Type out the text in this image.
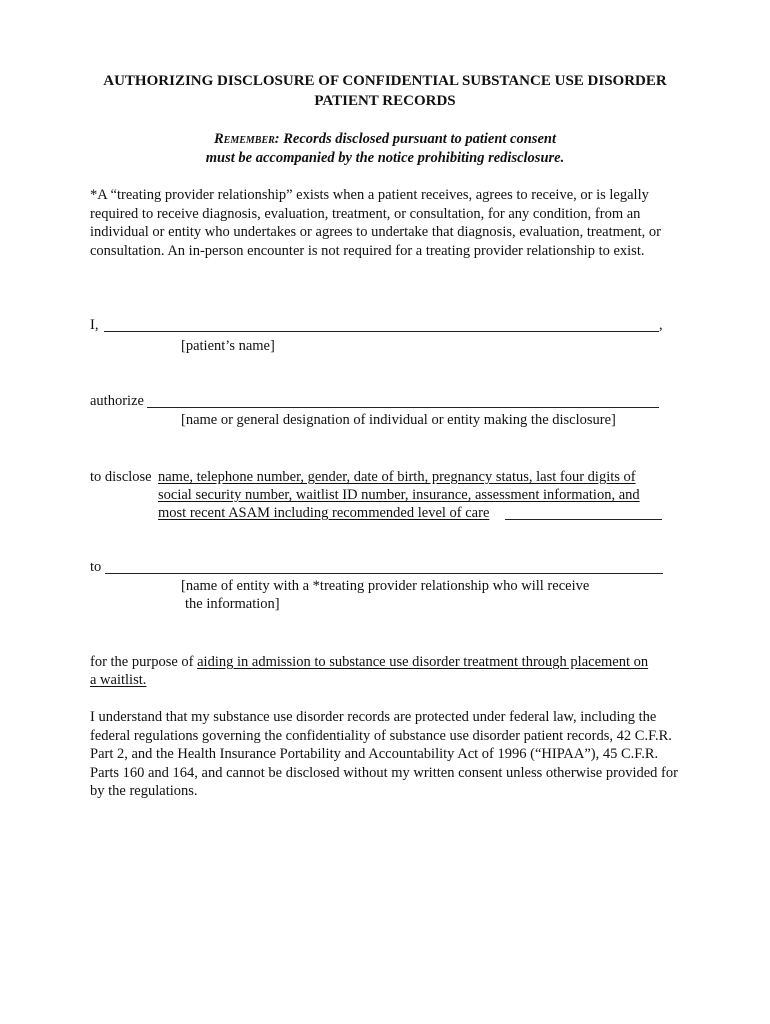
AUTHORIZING DISCLOSURE OF CONFIDENTIAL SUBSTANCE USE DISORDER
PATIENT RECORDS
Remember: Records disclosed pursuant to patient consent
must be accompanied by the notice prohibiting redisclosure.
*A “treating provider relationship” exists when a patient receives, agrees to receive, or is legally required to receive diagnosis, evaluation, treatment, or consultation, for any condition, from an individual or entity who undertakes or agrees to undertake that diagnosis, evaluation, treatment, or consultation. An in-person encounter is not required for a treating provider relationship to exist.
I,	,
[patient’s name]
authorize
[name or general designation of individual or entity making the disclosure]
to disclose name, telephone number, gender, date of birth, pregnancy status, last four digits of
social security number, waitlist ID number, insurance, assessment information, and
most recent ASAM including recommended level of care
to
[name of entity with a *treating provider relationship who will receive
the information]
for the purpose of aiding in admission to substance use disorder treatment through placement on
a waitlist.
I understand that my substance use disorder records are protected under federal law, including the federal regulations governing the confidentiality of substance use disorder patient records, 42 C.F.R. Part 2, and the Health Insurance Portability and Accountability Act of 1996 (“HIPAA”), 45 C.F.R. Parts 160 and 164, and cannot be disclosed without my written consent unless otherwise provided for by the regulations.
